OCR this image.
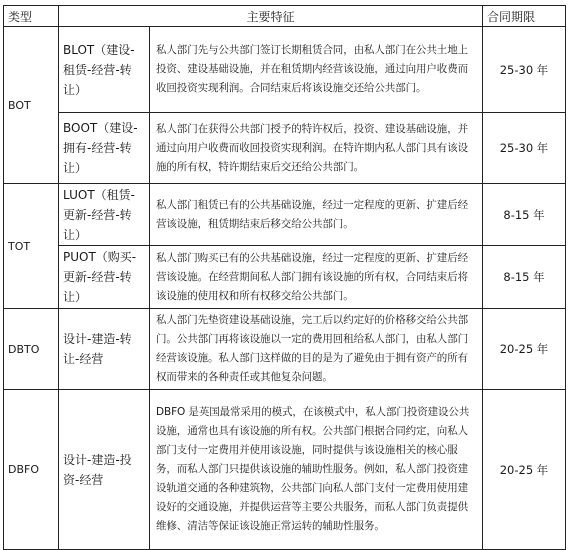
类型	主要特征		合同期限
BOT	BLOT（建设-租赁-经营-转让）	私人部门先与公共部门签订长期租赁合同，由私人部门在公共土地上投资、建设基础设施，并在租赁期内经营该设施，通过向用户收费而收回投资实现利润。合同结束后将该设施交还给公共部门。	25-30 年
	BOOT（建设-拥有-经营-转让）	私人部门在获得公共部门授予的特许权后，投资、建设基础设施，并通过向用户收费而收回投资实现利润。在特许期内私人部门具有该设施的所有权，特许期结束后交还给公共部门。	25-30 年
TOT	LUOT（租赁-更新-经营-转让）	私人部门租赁已有的公共基础设施，经过一定程度的更新、扩建后经营该设施，租赁期结束后移交给公共部门。	8-15 年
	PUOT（购买-更新-经营-转让）	私人部门购买已有的公共基础设施，经过一定程度的更新、扩建后经营该设施。在经营期间私人部门拥有该设施的所有权，合同结束后将该设施的使用权和所有权移交给公共部门。	8-15 年
DBTO	设计-建造-转让-经营	私人部门先垫资建设基础设施，完工后以约定好的价格移交给公共部门。公共部门再将该设施以一定的费用回租给私人部门，由私人部门经营该设施。私人部门这样做的目的是为了避免由于拥有资产的所有权而带来的各种责任或其他复杂问题。	20-25 年
DBFO	设计-建造-投资-经营	DBFO 是英国最常采用的模式，在该模式中，私人部门投资建设公共设施，通常也具有该设施的所有权。公共部门根据合同约定，向私人部门支付一定费用并使用该设施，同时提供与该设施相关的核心服务，而私人部门只提供该设施的辅助性服务。例如，私人部门投资建设轨道交通的各种建筑物，公共部门向私人部门支付一定费用使用建设好的交通设施，并提供运营等主要公共服务，而私人部门负责提供维修、清洁等保证该设施正常运转的辅助性服务。	20-25 年
